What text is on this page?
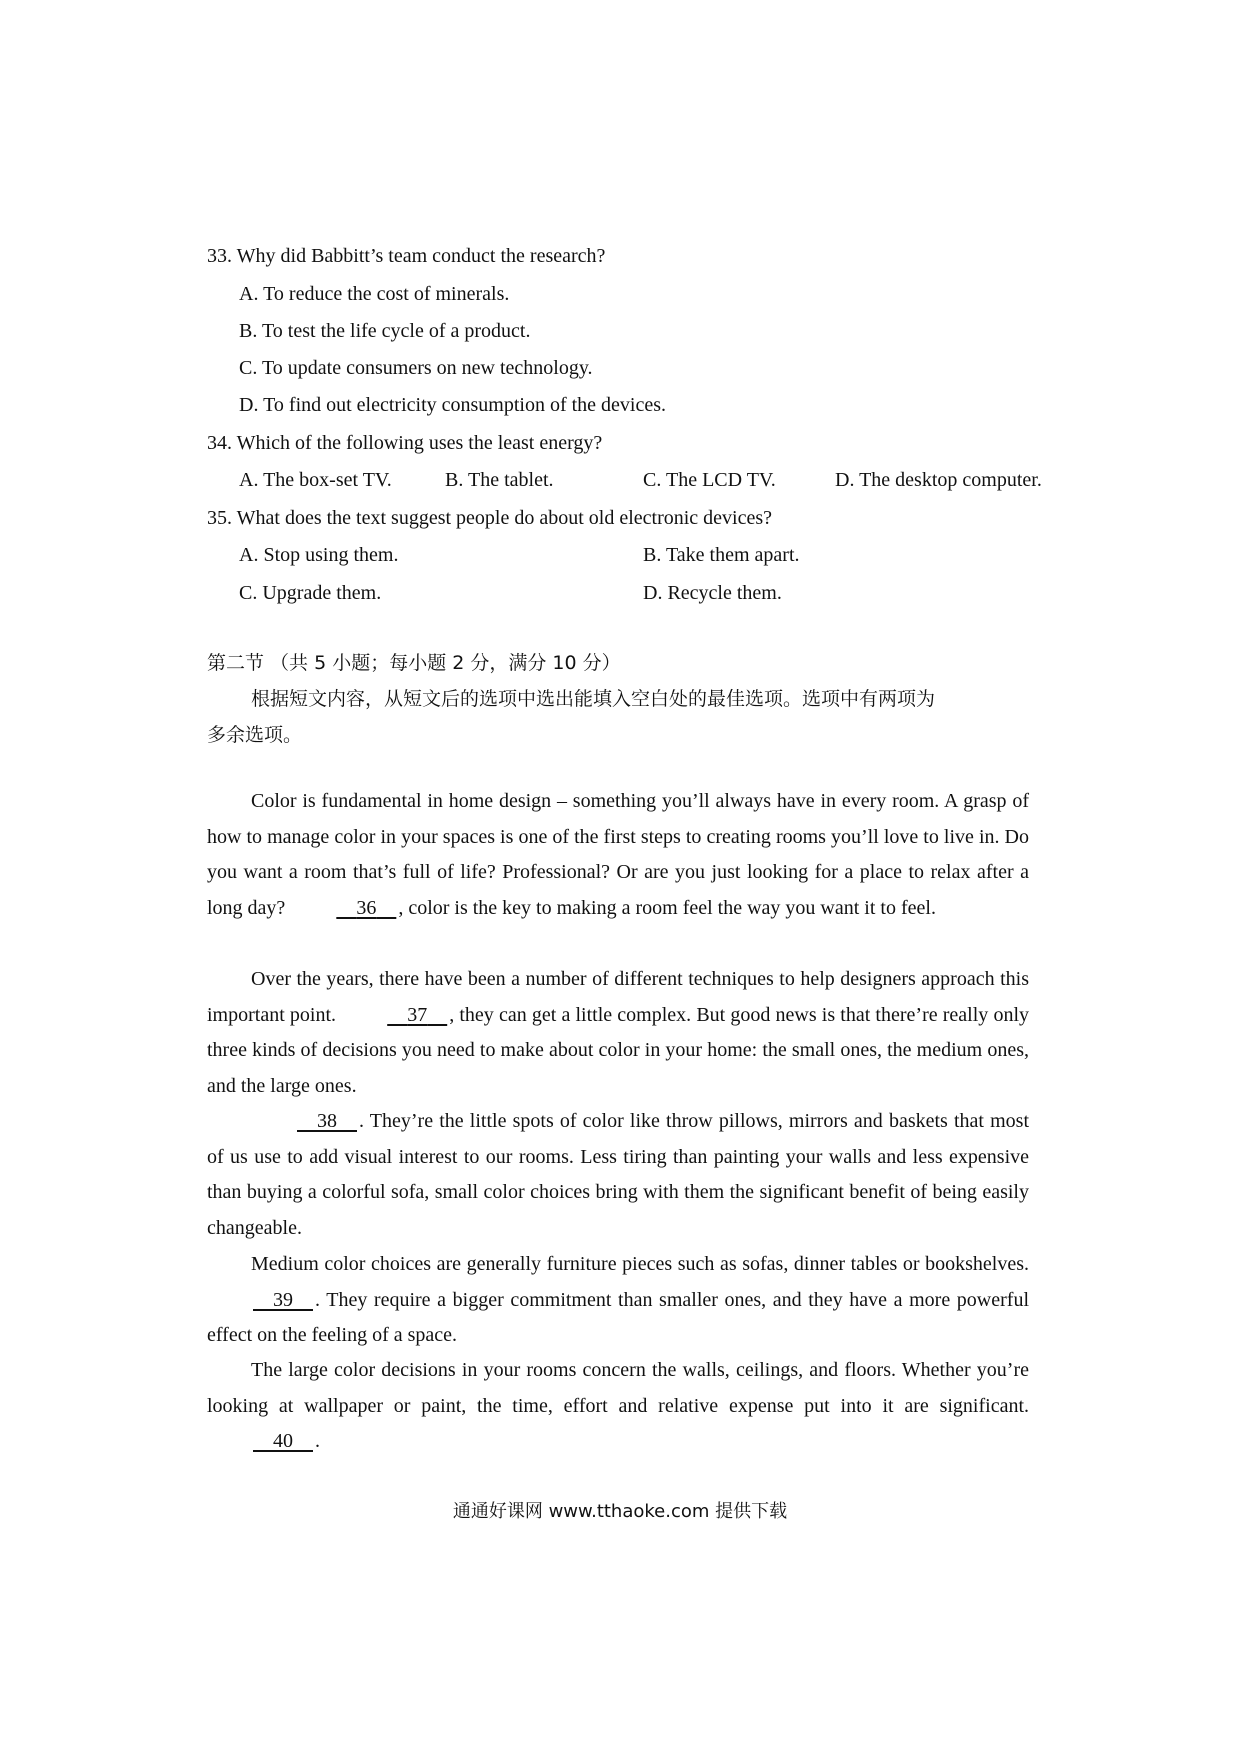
33. Why did Babbitt’s team conduct the research?
A. To reduce the cost of minerals.
B. To test the life cycle of a product.
C. To update consumers on new technology.
D. To find out electricity consumption of the devices.
34. Which of the following uses the least energy?
A. The box-set TV.	B. The tablet.	C. The LCD TV.	D. The desktop computer.
35. What does the text suggest people do about old electronic devices?
A. Stop using them.	B. Take them apart.
C. Upgrade them.	D. Recycle them.
第二节 （共 5 小题；每小题 2 分，满分 10 分）
根据短文内容，从短文后的选项中选出能填入空白处的最佳选项。选项中有两项为
多余选项。
Color is fundamental in home design – something you’ll always have in every room. A grasp of how to manage color in your spaces is one of the first steps to creating rooms you’ll love to live in. Do you want a room that’s full of life? Professional? Or are you just looking for a place to relax after a long day?	36 , color is the key to making a room feel the way you want it to feel.
Over the years, there have been a number of different techniques to help designers approach this important point.	37 , they can get a little complex. But good news is that there’re really only three kinds of decisions you need to make about color in your home: the small ones, the medium ones, and the large ones.
38 . They’re the little spots of color like throw pillows, mirrors and baskets that most of us use to add visual interest to our rooms. Less tiring than painting your walls and less expensive than buying a colorful sofa, small color choices bring with them the significant benefit of being easily changeable.
Medium color choices are generally furniture pieces such as sofas, dinner tables or bookshelves.     39 . They require a bigger commitment than smaller ones, and they have a more powerful effect on the feeling of a space.
The large color decisions in your rooms concern the walls, ceilings, and floors. Whether you’re looking at wallpaper or paint, the time, effort and relative expense put into it are significant.     40 .
通通好课网 www.tthaoke.com 提供下载
